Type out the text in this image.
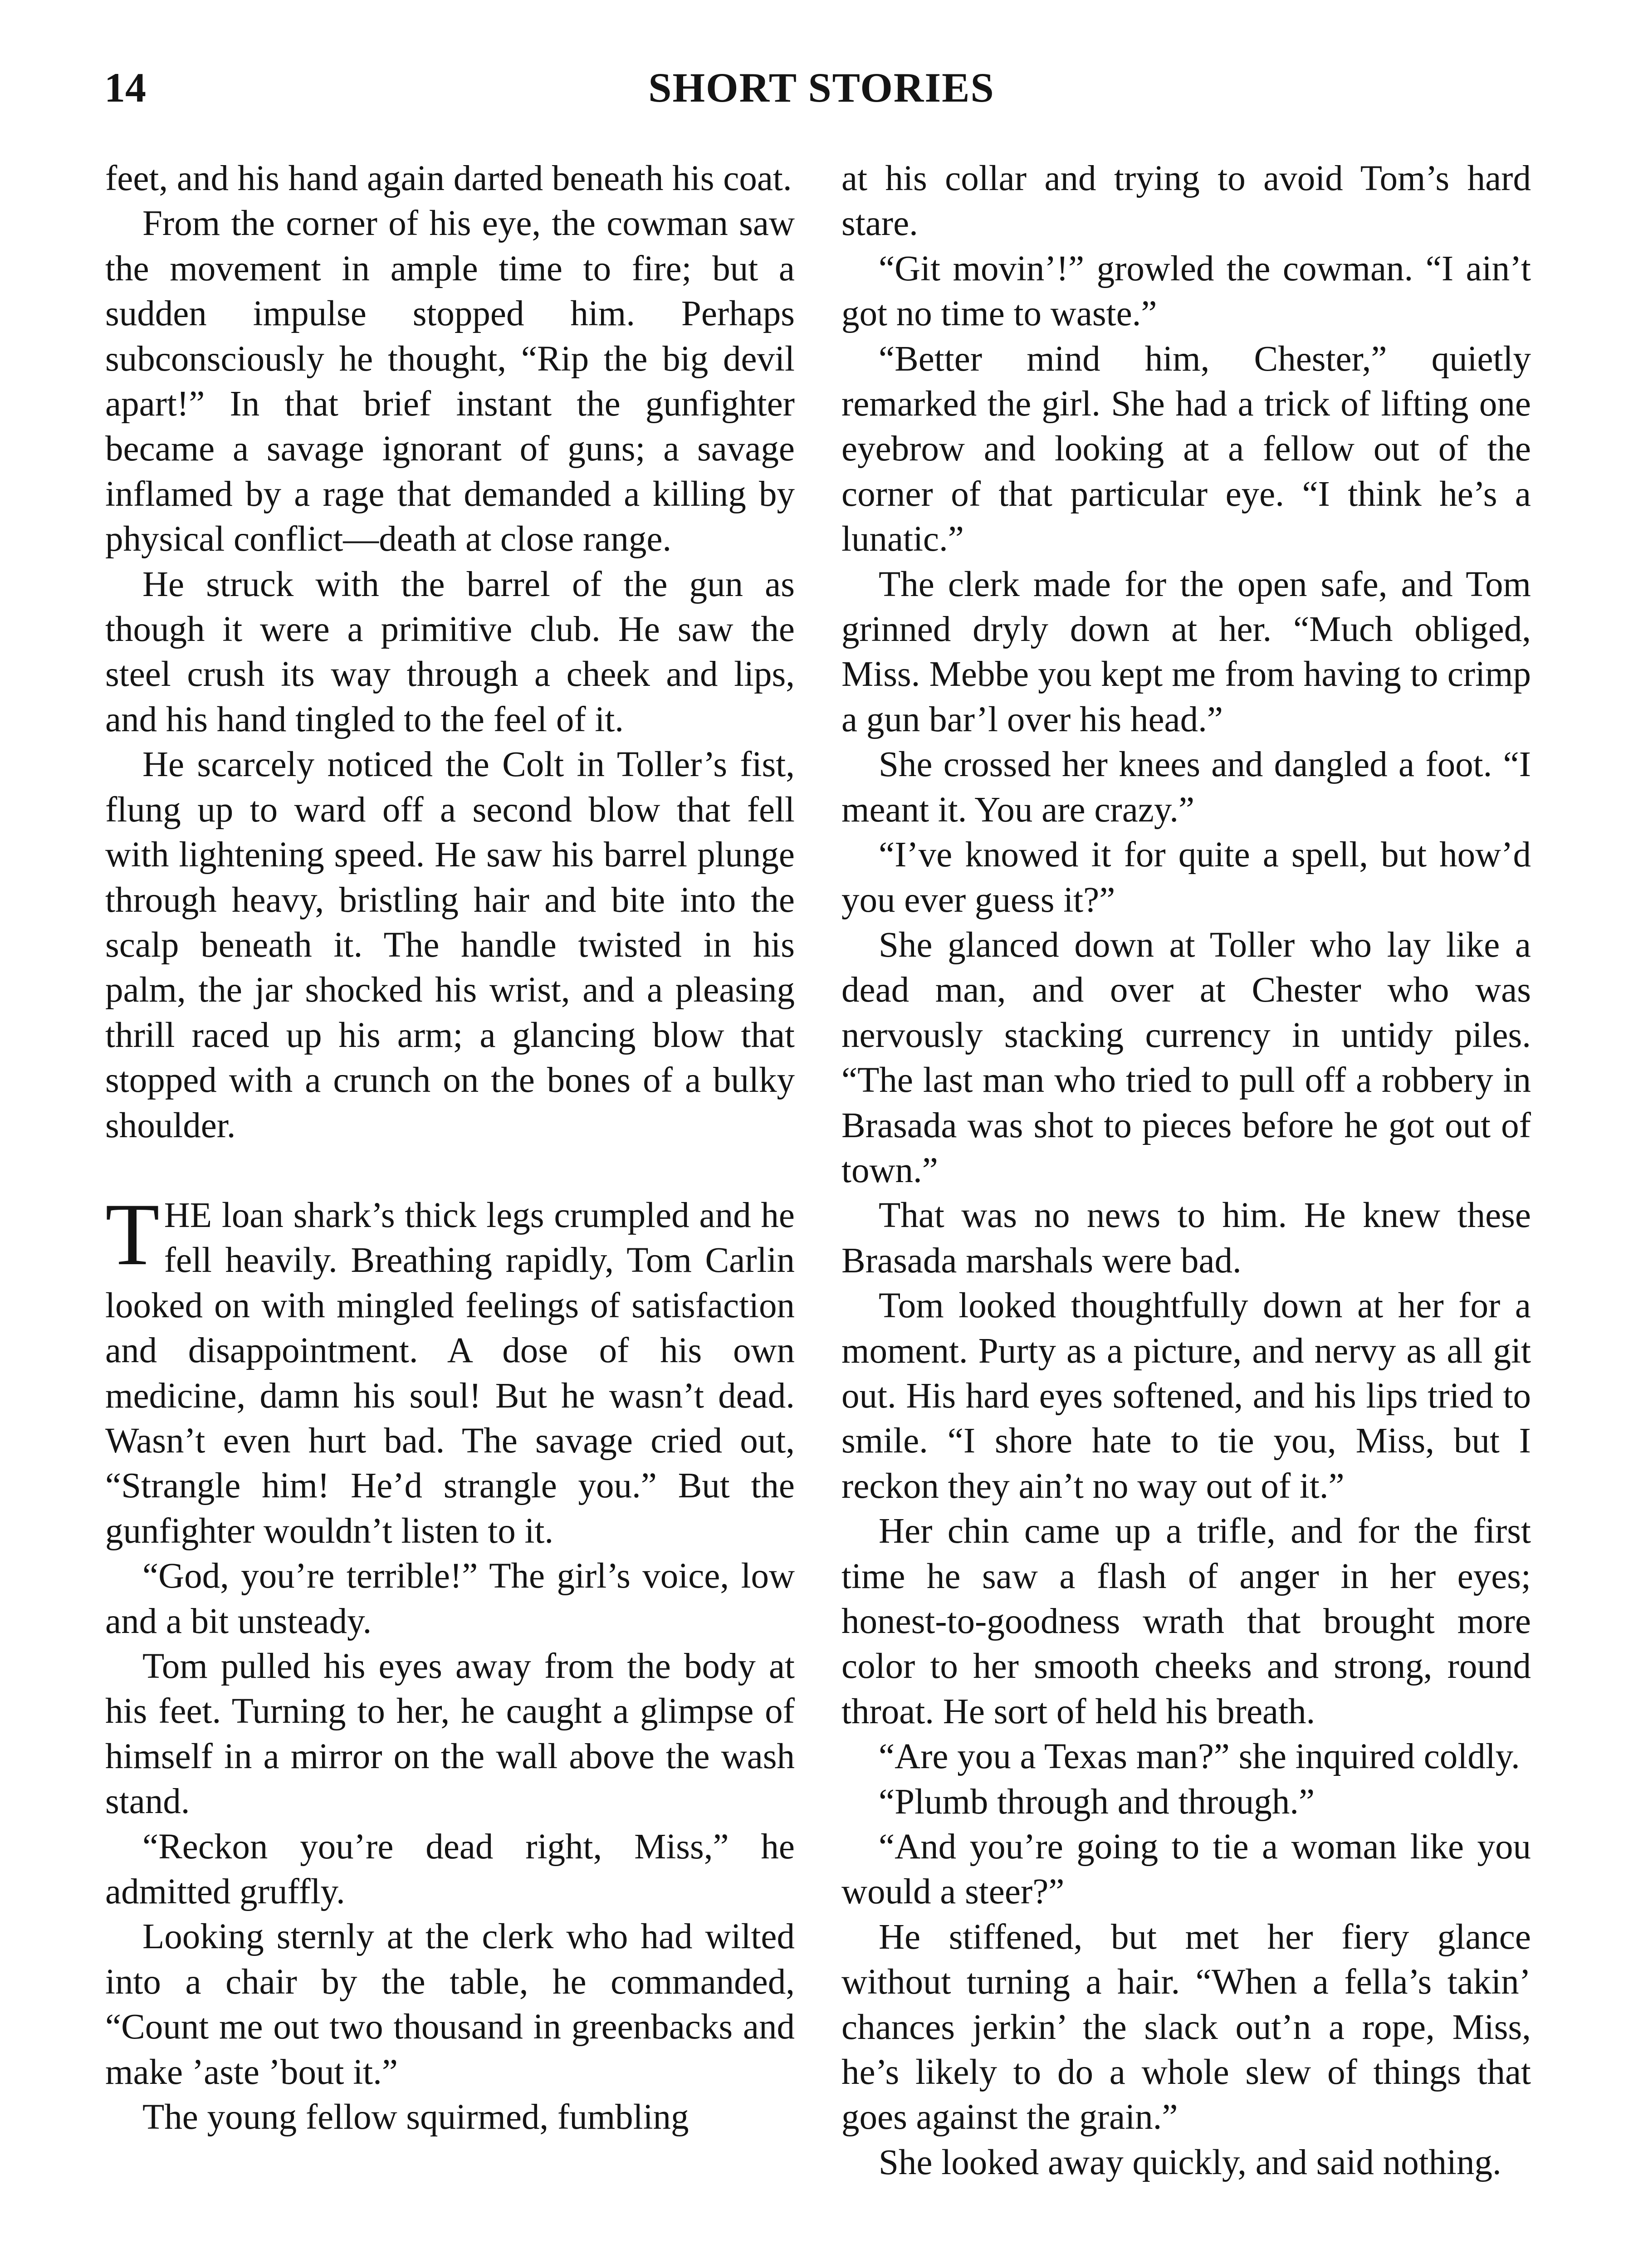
14	SHORT STORIES

feet, and his hand again darted beneath his coat.

From the corner of his eye, the cowman saw the movement in ample time to fire; but a sudden impulse stopped him. Perhaps subconsciously he thought, “Rip the big devil apart!” In that brief instant the gunfighter became a savage ignorant of guns; a savage inflamed by a rage that demanded a killing by physical conflict—death at close range.

He struck with the barrel of the gun as though it were a primitive club. He saw the steel crush its way through a cheek and lips, and his hand tingled to the feel of it.

He scarcely noticed the Colt in Toller’s fist, flung up to ward off a second blow that fell with lightening speed. He saw his barrel plunge through heavy, bristling hair and bite into the scalp beneath it. The handle twisted in his palm, the jar shocked his wrist, and a pleasing thrill raced up his arm; a glancing blow that stopped with a crunch on the bones of a bulky shoulder.

THE loan shark’s thick legs crumpled and he fell heavily. Breathing rapidly, Tom Carlin looked on with mingled feelings of satisfaction and disappointment. A dose of his own medicine, damn his soul! But he wasn’t dead. Wasn’t even hurt bad. The savage cried out, “Strangle him! He’d strangle you.” But the gunfighter wouldn’t listen to it.

“God, you’re terrible!” The girl’s voice, low and a bit unsteady.

Tom pulled his eyes away from the body at his feet. Turning to her, he caught a glimpse of himself in a mirror on the wall above the wash stand.

“Reckon you’re dead right, Miss,” he admitted gruffly.

Looking sternly at the clerk who had wilted into a chair by the table, he commanded, “Count me out two thousand in greenbacks and make ’aste ’bout it.”

The young fellow squirmed, fumbling

at his collar and trying to avoid Tom’s hard stare.

“Git movin’!” growled the cowman. “I ain’t got no time to waste.”

“Better mind him, Chester,” quietly remarked the girl. She had a trick of lifting one eyebrow and looking at a fellow out of the corner of that particular eye. “I think he’s a lunatic.”

The clerk made for the open safe, and Tom grinned dryly down at her. “Much obliged, Miss. Mebbe you kept me from having to crimp a gun bar’l over his head.”

She crossed her knees and dangled a foot. “I meant it. You are crazy.”

“I’ve knowed it for quite a spell, but how’d you ever guess it?”

She glanced down at Toller who lay like a dead man, and over at Chester who was nervously stacking currency in untidy piles. “The last man who tried to pull off a robbery in Brasada was shot to pieces before he got out of town.”

That was no news to him. He knew these Brasada marshals were bad.

Tom looked thoughtfully down at her for a moment. Purty as a picture, and nervy as all git out. His hard eyes softened, and his lips tried to smile. “I shore hate to tie you, Miss, but I reckon they ain’t no way out of it.”

Her chin came up a trifle, and for the first time he saw a flash of anger in her eyes; honest-to-goodness wrath that brought more color to her smooth cheeks and strong, round throat. He sort of held his breath.

“Are you a Texas man?” she inquired coldly.

“Plumb through and through.”

“And you’re going to tie a woman like you would a steer?”

He stiffened, but met her fiery glance without turning a hair. “When a fella’s takin’ chances jerkin’ the slack out’n a rope, Miss, he’s likely to do a whole slew of things that goes against the grain.”

She looked away quickly, and said nothing.
